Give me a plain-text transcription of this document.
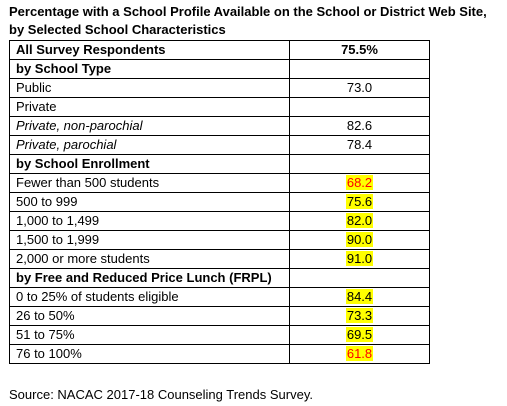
Percentage with a School Profile Available on the School or District Web Site, by Selected School Characteristics
All Survey Respondents	75.5%
by School Type	
Public	73.0
Private	
Private, non-parochial	82.6
Private, parochial	78.4
by School Enrollment	
Fewer than 500 students	68.2
500 to 999	75.6
1,000 to 1,499	82.0
1,500 to 1,999	90.0
2,000 or more students	91.0
by Free and Reduced Price Lunch (FRPL)	
0 to 25% of students eligible	84.4
26 to 50%	73.3
51 to 75%	69.5
76 to 100%	61.8
Source: NACAC 2017-18 Counseling Trends Survey.
